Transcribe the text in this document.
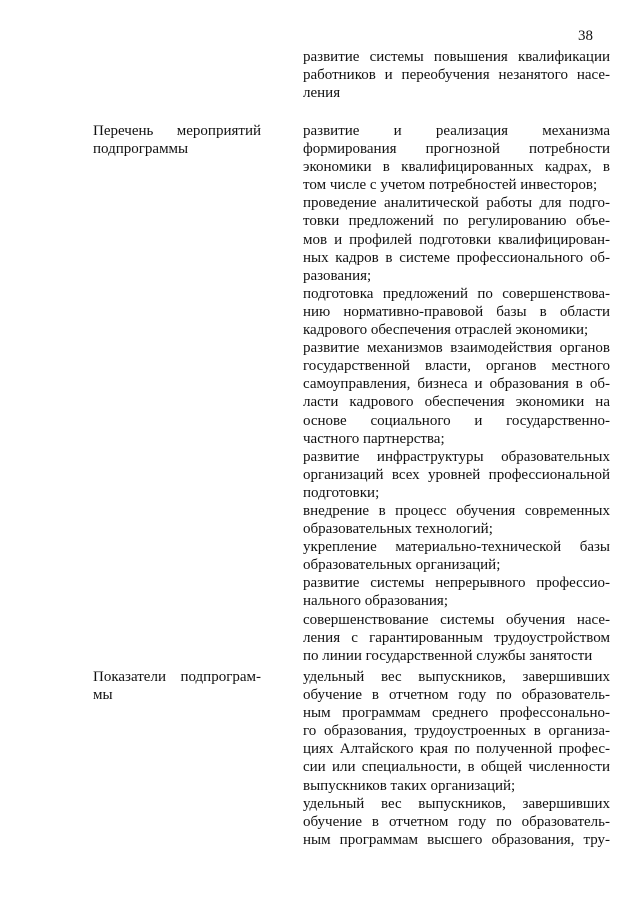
38
развитие системы повышения квалификации
работников и переобучения незанятого насе-
ления
Перечень мероприятий
подпрограммы
развитие и реализация механизма
формирования прогнозной потребности
экономики в квалифицированных кадрах, в
том числе с учетом потребностей инвесторов;
проведение аналитической работы для подго-
товки предложений по регулированию объе-
мов и профилей подготовки квалифицирован-
ных кадров в системе профессионального об-
разования;
подготовка предложений по совершенствова-
нию нормативно-правовой базы в области
кадрового обеспечения отраслей экономики;
развитие механизмов взаимодействия органов
государственной власти, органов местного
самоуправления, бизнеса и образования в об-
ласти кадрового обеспечения экономики на
основе социального и государственно-
частного партнерства;
развитие инфраструктуры образовательных
организаций всех уровней профессиональной
подготовки;
внедрение в процесс обучения современных
образовательных технологий;
укрепление материально-технической базы
образовательных организаций;
развитие системы непрерывного профессио-
нального образования;
совершенствование системы обучения насе-
ления с гарантированным трудоустройством
по линии государственной службы занятости
Показатели подпрограм-
мы
удельный вес выпускников, завершивших
обучение в отчетном году по образователь-
ным программам среднего профессонально-
го образования, трудоустроенных в организа-
циях Алтайского края по полученной профес-
сии или специальности, в общей численности
выпускников таких организаций;
удельный вес выпускников, завершивших
обучение в отчетном году по образователь-
ным программам высшего образования, тру-
